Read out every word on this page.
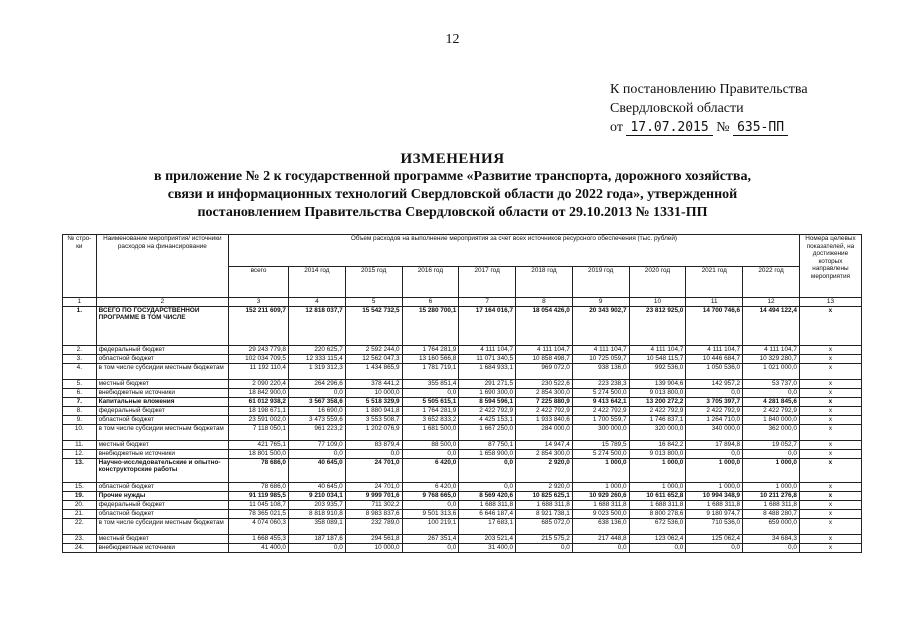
12
К постановлению Правительства
Свердловской области
от 17.07.2015 № 635-ПП
ИЗМЕНЕНИЯ
в приложение № 2 к государственной программе «Развитие транспорта, дорожного хозяйства,
связи и информационных технологий Свердловской области до 2022 года», утвержденной
постановлением Правительства Свердловской области от 29.10.2013 № 1331-ПП
№ стро-ки	Наименование мероприятия/ источники расходов на финансирование	Объем расходов на выполнение мероприятия за счет всех источников ресурсного обеспечения (тыс. рублей)										Номера целевых показателей, на достижение которых направлены мероприятия
		всего	2014 год	2015 год	2016 год	2017 год	2018 год	2019 год	2020 год	2021 год	2022 год	
1	2	3	4	5	6	7	8	9	10	11	12	13
1.	ВСЕГО ПО ГОСУДАРСТВЕННОЙ ПРОГРАММЕ В ТОМ ЧИСЛЕ	152 211 609,7	12 818 037,7	15 542 732,5	15 280 700,1	17 164 016,7	18 054 426,0	20 343 902,7	23 812 925,0	14 700 746,6	14 494 122,4	х
2.	федеральный бюджет	29 243 779,8	220 625,7	2 592 244,0	1 764 281,9	4 111 104,7	4 111 104,7	4 111 104,7	4 111 104,7	4 111 104,7	4 111 104,7	х
3.	областной бюджет	102 034 709,5	12 333 115,4	12 562 047,3	13 160 566,8	11 071 340,5	10 858 498,7	10 725 059,7	10 548 115,7	10 446 684,7	10 329 280,7	х
4.	в том числе субсидии местным бюджетам	11 192 110,4	1 319 312,3	1 434 865,9	1 781 719,1	1 684 933,1	969 072,0	938 136,0	992 536,0	1 050 536,0	1 021 000,0	х
5.	местный бюджет	2 090 220,4	264 296,6	378 441,2	355 851,4	291 271,5	230 522,6	223 238,3	139 904,6	142 957,2	53 737,0	х
6.	внебюджетные источники	18 842 900,0	0,0	10 000,0	0,0	1 690 300,0	2 854 300,0	5 274 500,0	9 013 800,0	0,0	0,0	х
7.	Капитальные вложения	61 012 938,2	3 567 358,6	5 518 329,9	5 505 615,1	8 594 596,1	7 225 880,9	9 413 642,1	13 200 272,2	3 705 397,7	4 281 845,6	х
8.	федеральный бюджет	18 198 671,1	16 690,0	1 880 941,8	1 764 281,9	2 422 792,9	2 422 792,9	2 422 792,9	2 422 792,9	2 422 792,9	2 422 792,9	х
9.	областной бюджет	23 591 002,0	3 473 559,6	3 553 508,7	3 652 833,2	4 425 153,1	1 933 840,6	1 700 559,7	1 746 837,1	1 264 710,0	1 840 000,0	х
10.	в том числе субсидии местным бюджетам	7 118 050,1	961 223,2	1 202 076,9	1 681 500,0	1 667 250,0	284 000,0	300 000,0	320 000,0	340 000,0	362 000,0	х
11.	местный бюджет	421 765,1	77 109,0	83 879,4	88 500,0	87 750,1	14 947,4	15 789,5	16 842,2	17 894,8	19 052,7	х
12.	внебюджетные источники	18 801 500,0	0,0	0,0	0,0	1 658 900,0	2 854 300,0	5 274 500,0	9 013 800,0	0,0	0,0	х
13.	Научно-исследовательские и опытно-конструкторские работы	78 686,0	40 645,0	24 701,0	6 420,0	0,0	2 920,0	1 000,0	1 000,0	1 000,0	1 000,0	х
15.	областной бюджет	78 686,0	40 645,0	24 701,0	6 420,0	0,0	2 920,0	1 000,0	1 000,0	1 000,0	1 000,0	х
19.	Прочие нужды	91 119 985,5	9 210 034,1	9 999 701,6	9 768 665,0	8 569 420,6	10 825 625,1	10 929 260,6	10 611 652,8	10 994 348,9	10 211 276,8	х
20.	федеральный бюджет	11 045 108,7	203 935,7	711 302,2	0,0	1 688 311,8	1 688 311,8	1 688 311,8	1 688 311,8	1 688 311,8	1 688 311,8	х
21.	областной бюджет	78 365 021,5	8 818 910,8	8 983 837,6	9 501 313,6	6 646 187,4	8 921 738,1	9 023 500,0	8 800 278,6	9 180 974,7	8 488 280,7	х
22.	в том числе субсидии местным бюджетам	4 074 060,3	358 089,1	232 789,0	100 219,1	17 683,1	685 072,0	638 136,0	672 536,0	710 536,0	659 000,0	х
23.	местный бюджет	1 668 455,3	187 187,6	294 561,8	267 351,4	203 521,4	215 575,2	217 448,8	123 062,4	125 062,4	34 684,3	х
24.	внебюджетные источники	41 400,0	0,0	10 000,0	0,0	31 400,0	0,0	0,0	0,0	0,0	0,0	х
